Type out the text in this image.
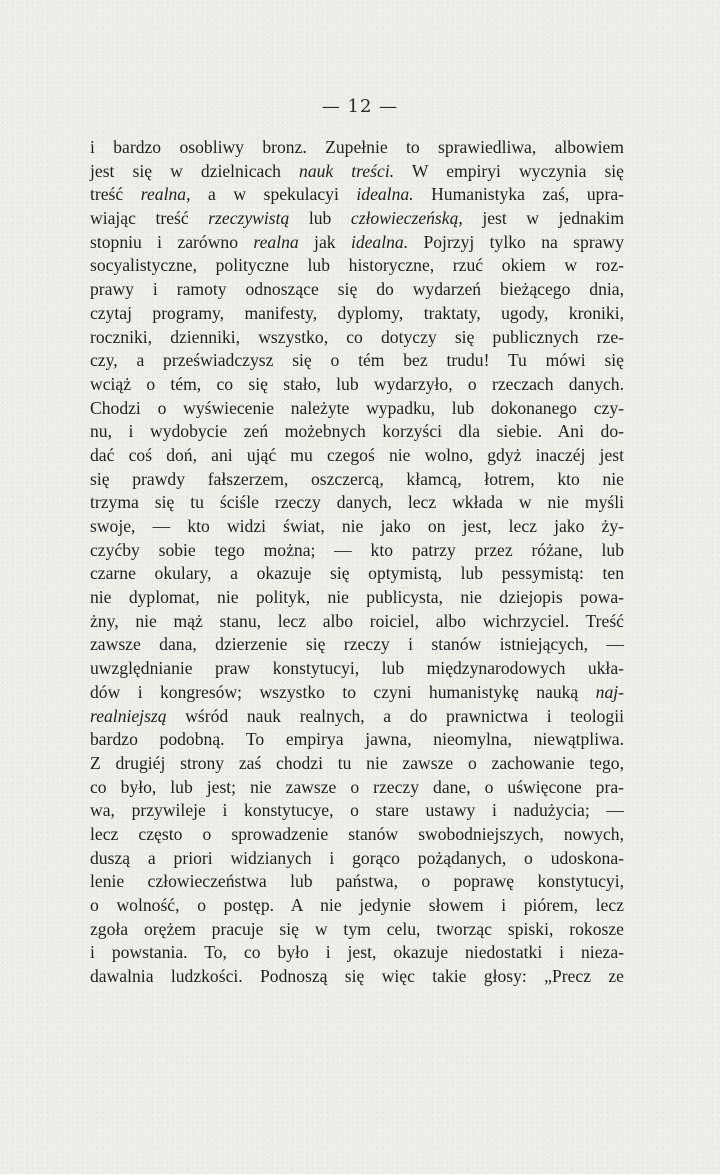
— 12 —
i bardzo osobliwy bronz. Zupełnie to sprawiedliwa, albowiem
jest się w dzielnicach nauk treści. W empiryi wyczynia się
treść realna, a w spekulacyi idealna. Humanistyka zaś, upra-
wiając treść rzeczywistą lub człowieczeńską, jest w jednakim
stopniu i zarówno realna jak idealna. Pojrzyj tylko na sprawy
socyalistyczne, polityczne lub historyczne, rzuć okiem w roz-
prawy i ramoty odnoszące się do wydarzeń bieżącego dnia,
czytaj programy, manifesty, dyplomy, traktaty, ugody, kroniki,
roczniki, dzienniki, wszystko, co dotyczy się publicznych rze-
czy, a przeświadczysz się o tém bez trudu! Tu mówi się
wciąż o tém, co się stało, lub wydarzyło, o rzeczach danych.
Chodzi o wyświecenie należyte wypadku, lub dokonanego czy-
nu, i wydobycie zeń możebnych korzyści dla siebie. Ani do-
dać coś doń, ani ująć mu czegoś nie wolno, gdyż inaczéj jest
się prawdy fałszerzem, oszczercą, kłamcą, łotrem, kto nie
trzyma się tu ściśle rzeczy danych, lecz wkłada w nie myśli
swoje, — kto widzi świat, nie jako on jest, lecz jako ży-
czyćby sobie tego można; — kto patrzy przez różane, lub
czarne okulary, a okazuje się optymistą, lub pessymistą: ten
nie dyplomat, nie polityk, nie publicysta, nie dziejopis powa-
żny, nie mąż stanu, lecz albo roiciel, albo wichrzyciel. Treść
zawsze dana, dzierzenie się rzeczy i stanów istniejących, —
uwzględnianie praw konstytucyi, lub międzynarodowych ukła-
dów i kongresów; wszystko to czyni humanistykę nauką naj-
realniejszą wśród nauk realnych, a do prawnictwa i teologii
bardzo podobną. To empirya jawna, nieomylna, niewątpliwa.
Z drugiéj strony zaś chodzi tu nie zawsze o zachowanie tego,
co było, lub jest; nie zawsze o rzeczy dane, o uświęcone pra-
wa, przywileje i konstytucye, o stare ustawy i nadużycia; —
lecz często o sprowadzenie stanów swobodniejszych, nowych,
duszą a priori widzianych i gorąco pożądanych, o udoskona-
lenie człowieczeństwa lub państwa, o poprawę konstytucyi,
o wolność, o postęp. A nie jedynie słowem i piórem, lecz
zgoła orężem pracuje się w tym celu, tworząc spiski, rokosze
i powstania. To, co było i jest, okazuje niedostatki i nieza-
dawalnia ludzkości. Podnoszą się więc takie głosy: „Precz ze
